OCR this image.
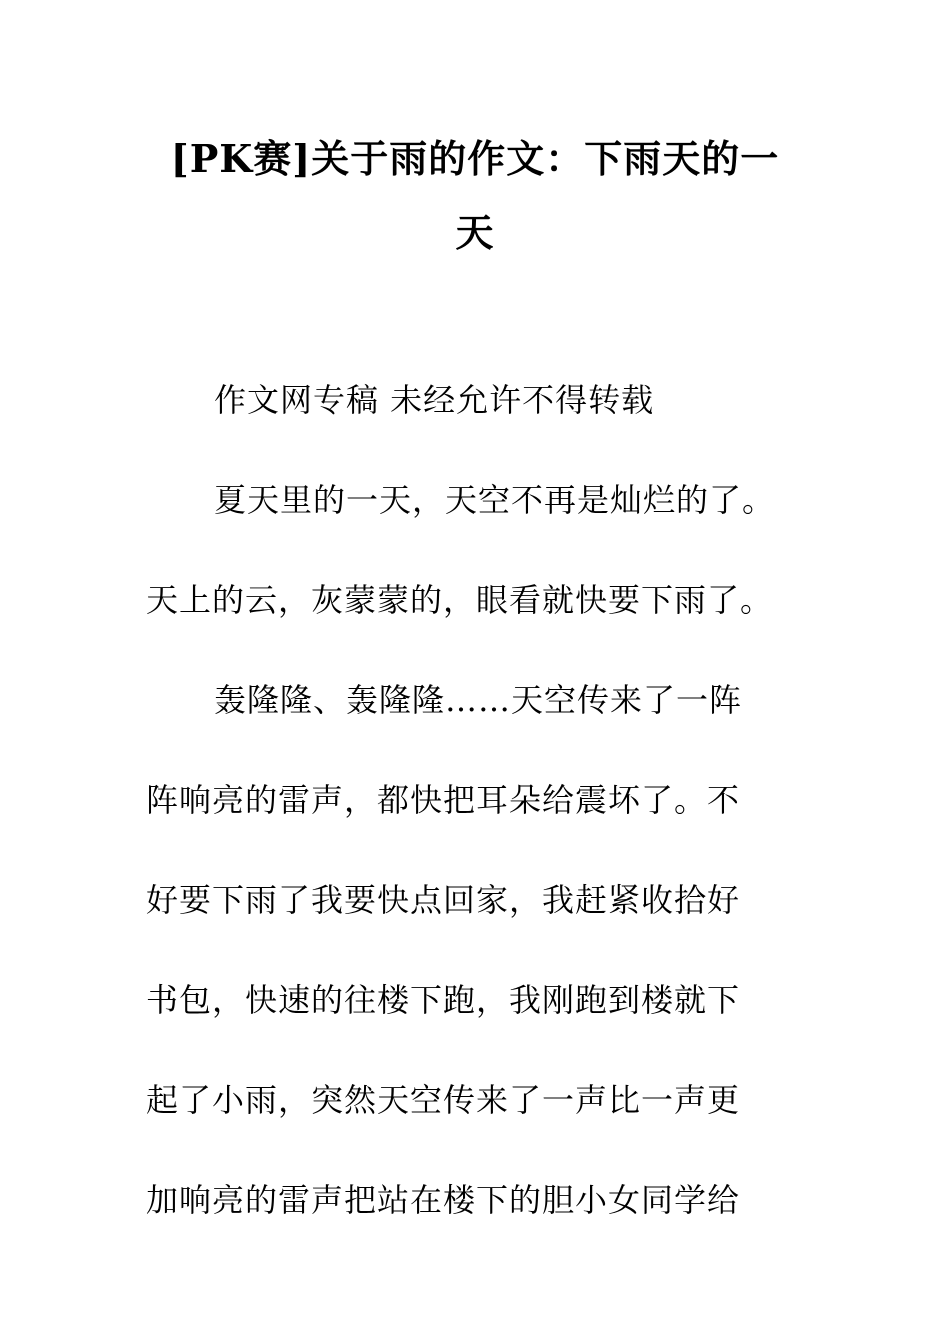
[PK赛]关于雨的作文：下雨天的一
天
作文网专稿 未经允许不得转载
夏天里的一天，天空不再是灿烂的了。
天上的云，灰蒙蒙的，眼看就快要下雨了。
轰隆隆、轰隆隆……天空传来了一阵
阵响亮的雷声，都快把耳朵给震坏了。不
好要下雨了我要快点回家，我赶紧收拾好
书包，快速的往楼下跑，我刚跑到楼就下
起了小雨，突然天空传来了一声比一声更
加响亮的雷声把站在楼下的胆小女同学给
